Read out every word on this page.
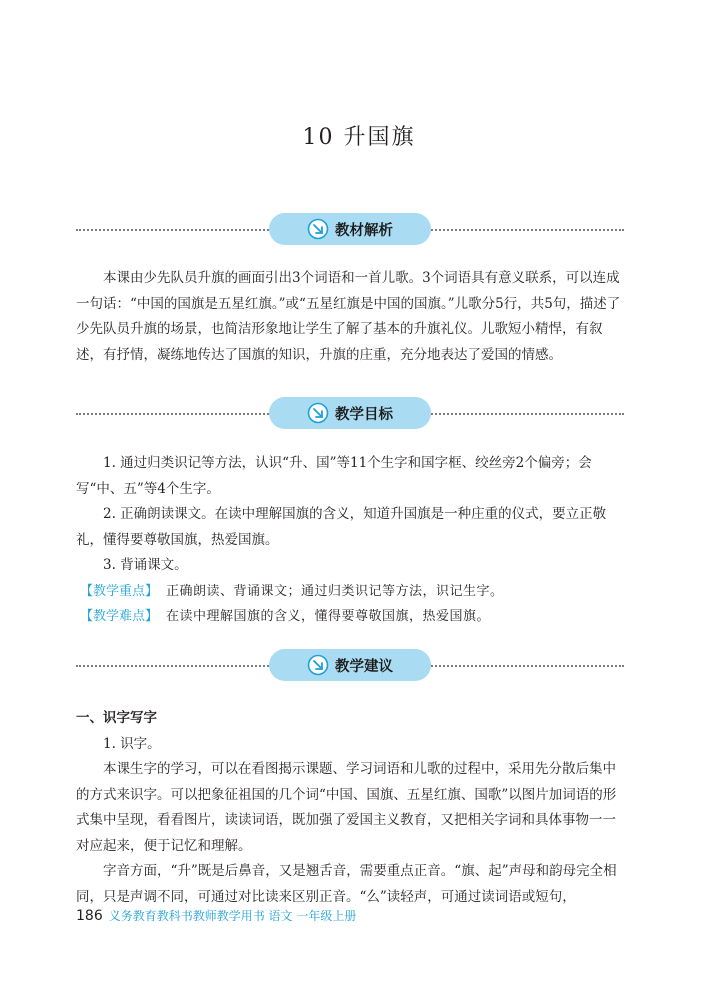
10 升国旗
教材解析

本课由少先队员升旗的画面引出3个词语和一首儿歌。3个词语具有意义联系，可以连成一句话：“中国的国旗是五星红旗。”或“五星红旗是中国的国旗。”儿歌分5行，共5句，描述了少先队员升旗的场景，也简洁形象地让学生了解了基本的升旗礼仪。儿歌短小精悍，有叙述，有抒情，凝练地传达了国旗的知识，升旗的庄重，充分地表达了爱国的情感。

教学目标

1. 通过归类识记等方法，认识“升、国”等11个生字和国字框、绞丝旁2个偏旁；会写“中、五”等4个生字。

2. 正确朗读课文。在读中理解国旗的含义，知道升国旗是一种庄重的仪式，要立正敬礼，懂得要尊敬国旗，热爱国旗。

3. 背诵课文。

【教学重点】 正确朗读、背诵课文；通过归类识记等方法，识记生字。

【教学难点】 在读中理解国旗的含义，懂得要尊敬国旗，热爱国旗。

教学建议

一、识字写字

1. 识字。

本课生字的学习，可以在看图揭示课题、学习词语和儿歌的过程中，采用先分散后集中的方式来识字。可以把象征祖国的几个词“中国、国旗、五星红旗、国歌”以图片加词语的形式集中呈现，看看图片，读读词语，既加强了爱国主义教育，又把相关字词和具体事物一一对应起来，便于记忆和理解。

字音方面，“升”既是后鼻音，又是翘舌音，需要重点正音。“旗、起”声母和韵母完全相同，只是声调不同，可通过对比读来区别正音。“么”读轻声，可通过读词语或短句，

186 义务教育教科书教师教学用书 语文 一年级上册
